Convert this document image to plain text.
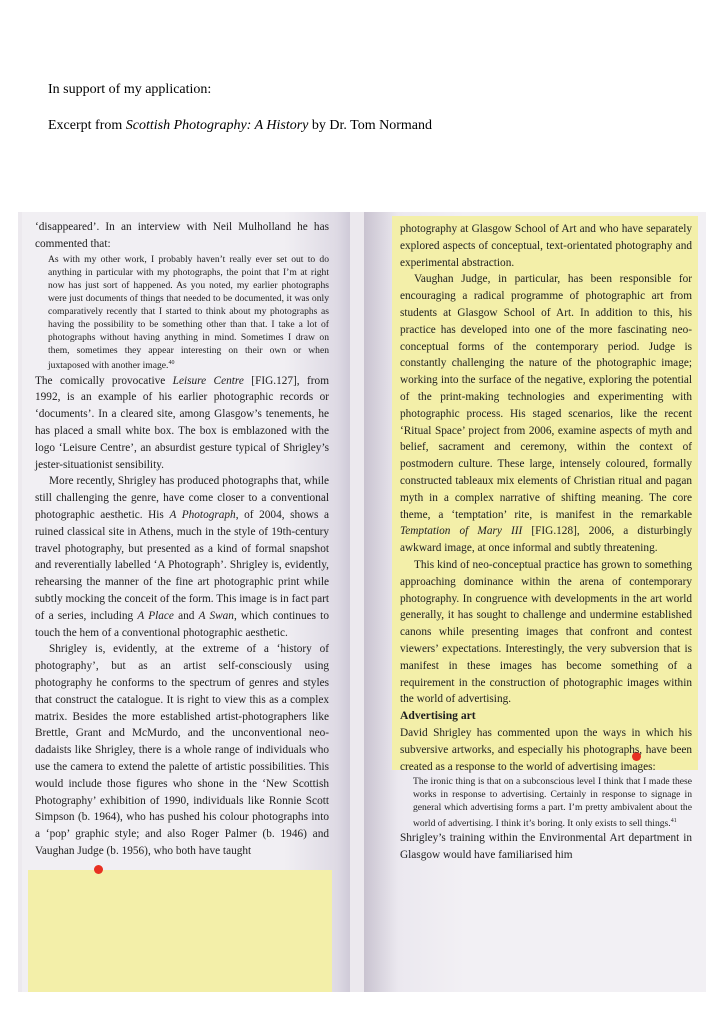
In support of my application:
Excerpt from Scottish Photography: A History by Dr. Tom Normand

‘disappeared’. In an interview with Neil Mulholland he has commented that:

As with my other work, I probably haven’t really ever set out to do anything in particular with my photographs, the point that I’m at right now has just sort of happened. As you noted, my earlier photographs were just documents of things that needed to be documented, it was only comparatively recently that I started to think about my photographs as having the possibility to be something other than that. I take a lot of photographs without having anything in mind. Sometimes I draw on them, sometimes they appear interesting on their own or when juxtaposed with another image.$^{40}$

The comically provocative Leisure Centre [FIG.127], from 1992, is an example of his earlier photographic records or ‘documents’. In a cleared site, among Glasgow’s tenements, he has placed a small white box. The box is emblazoned with the logo ‘Leisure Centre’, an absurdist gesture typical of Shrigley’s jester-situationist sensibility.

More recently, Shrigley has produced photographs that, while still challenging the genre, have come closer to a conventional photographic aesthetic. His A Photograph, of 2004, shows a ruined classical site in Athens, much in the style of 19th-century travel photography, but presented as a kind of formal snapshot and reverentially labelled ‘A Photograph’. Shrigley is, evidently, rehearsing the manner of the fine art photographic print while subtly mocking the conceit of the form. This image is in fact part of a series, including A Place and A Swan, which continues to touch the hem of a conventional photographic aesthetic.

Shrigley is, evidently, at the extreme of a ‘history of photography’, but as an artist self-consciously using photography he conforms to the spectrum of genres and styles that construct the catalogue. It is right to view this as a complex matrix. Besides the more established artist-photographers like Brettle, Grant and McMurdo, and the unconventional neo-dadaists like Shrigley, there is a whole range of individuals who use the camera to extend the palette of artistic possibilities. This would include those figures who shone in the ‘New Scottish Photography’ exhibition of 1990, individuals like Ronnie Scott Simpson (b. 1964), who has pushed his colour photographs into a ‘pop’ graphic style; and also Roger Palmer (b. 1946) and Vaughan Judge (b. 1956), who both have taught

photography at Glasgow School of Art and who have separately explored aspects of conceptual, text-orientated photography and experimental abstraction.

Vaughan Judge, in particular, has been responsible for encouraging a radical programme of photographic art from students at Glasgow School of Art. In addition to this, his practice has developed into one of the more fascinating neo-conceptual forms of the contemporary period. Judge is constantly challenging the nature of the photographic image; working into the surface of the negative, exploring the potential of the print-making technologies and experimenting with photographic process. His staged scenarios, like the recent ‘Ritual Space’ project from 2006, examine aspects of myth and belief, sacrament and ceremony, within the context of postmodern culture. These large, intensely coloured, formally constructed tableaux mix elements of Christian ritual and pagan myth in a complex narrative of shifting meaning. The core theme, a ‘temptation’ rite, is manifest in the remarkable Temptation of Mary III [FIG.128], 2006, a disturbingly awkward image, at once informal and subtly threatening.

This kind of neo-conceptual practice has grown to something approaching dominance within the arena of contemporary photography. In congruence with developments in the art world generally, it has sought to challenge and undermine established canons while presenting images that confront and contest viewers’ expectations. Interestingly, the very subversion that is manifest in these images has become something of a requirement in the construction of photographic images within the world of advertising.

Advertising art

David Shrigley has commented upon the ways in which his subversive artworks, and especially his photographs, have been created as a response to the world of advertising images:

The ironic thing is that on a subconscious level I think that I made these works in response to advertising. Certainly in response to signage in general which advertising forms a part. I’m pretty ambivalent about the world of advertising. I think it’s boring. It only exists to sell things.$^{41}$

Shrigley’s training within the Environmental Art department in Glasgow would have familiarised him
